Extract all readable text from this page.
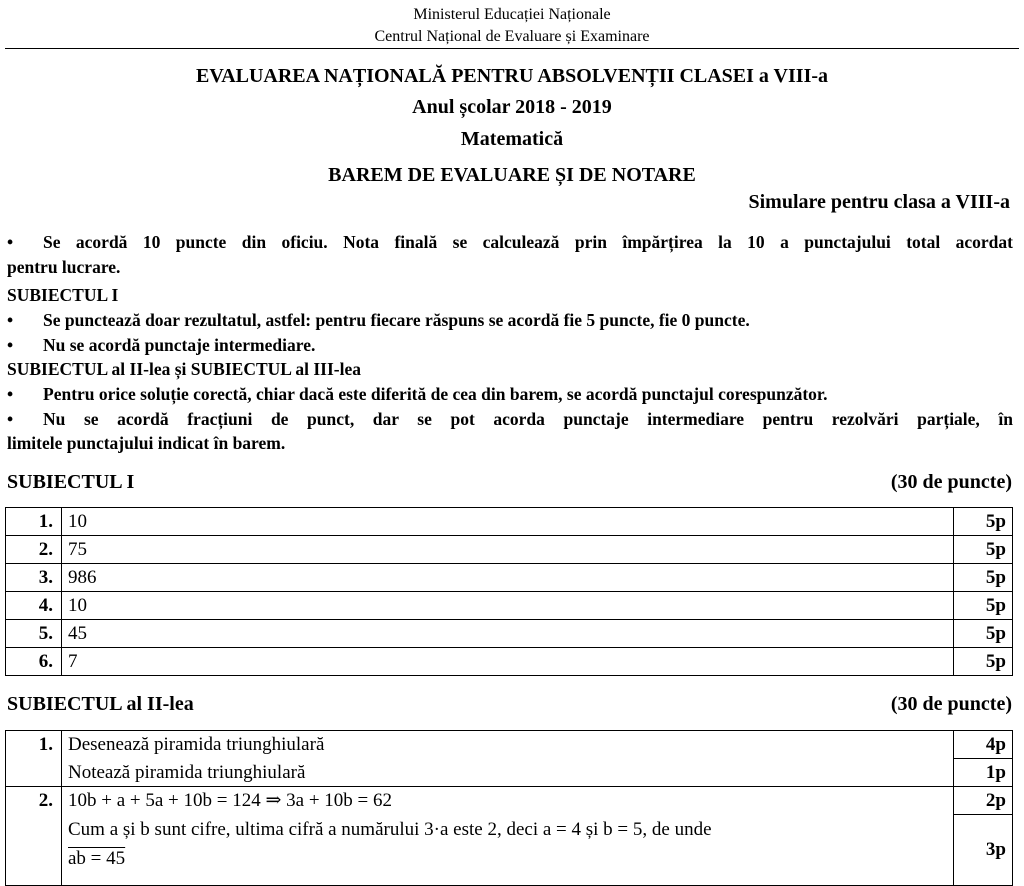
Ministerul Educației Naționale
Centrul Național de Evaluare și Examinare
EVALUAREA NAȚIONALĂ PENTRU ABSOLVENȚII CLASEI a VIII-a
Anul școlar 2018 - 2019
Matematică
BAREM DE EVALUARE ȘI DE NOTARE
Simulare pentru clasa a VIII-a
• Se acordă 10 puncte din oficiu. Nota finală se calculează prin împărțirea la 10 a punctajului total acordat
pentru lucrare.
SUBIECTUL I
• Se punctează doar rezultatul, astfel: pentru fiecare răspuns se acordă fie 5 puncte, fie 0 puncte.
• Nu se acordă punctaje intermediare.
SUBIECTUL al II-lea și SUBIECTUL al III-lea
• Pentru orice soluție corectă, chiar dacă este diferită de cea din barem, se acordă punctajul corespunzător.
• Nu se acordă fracțiuni de punct, dar se pot acorda punctaje intermediare pentru rezolvări parțiale, în
limitele punctajului indicat în barem.
SUBIECTUL I	(30 de puncte)
1.	10	5p
2.	75	5p
3.	986	5p
4.	10	5p
5.	45	5p
6.	7	5p
SUBIECTUL al II-lea	(30 de puncte)
1.	Desenează piramida triunghiulară	4p
	Notează piramida triunghiulară	1p
2.	10b + a + 5a + 10b = 124 ⇒ 3a + 10b = 62	2p

	Cum a și b sunt cifre, ultima cifră a numărului 3·a este 2, deci a = 4 și b = 5, de unde
ab = 45	3p
